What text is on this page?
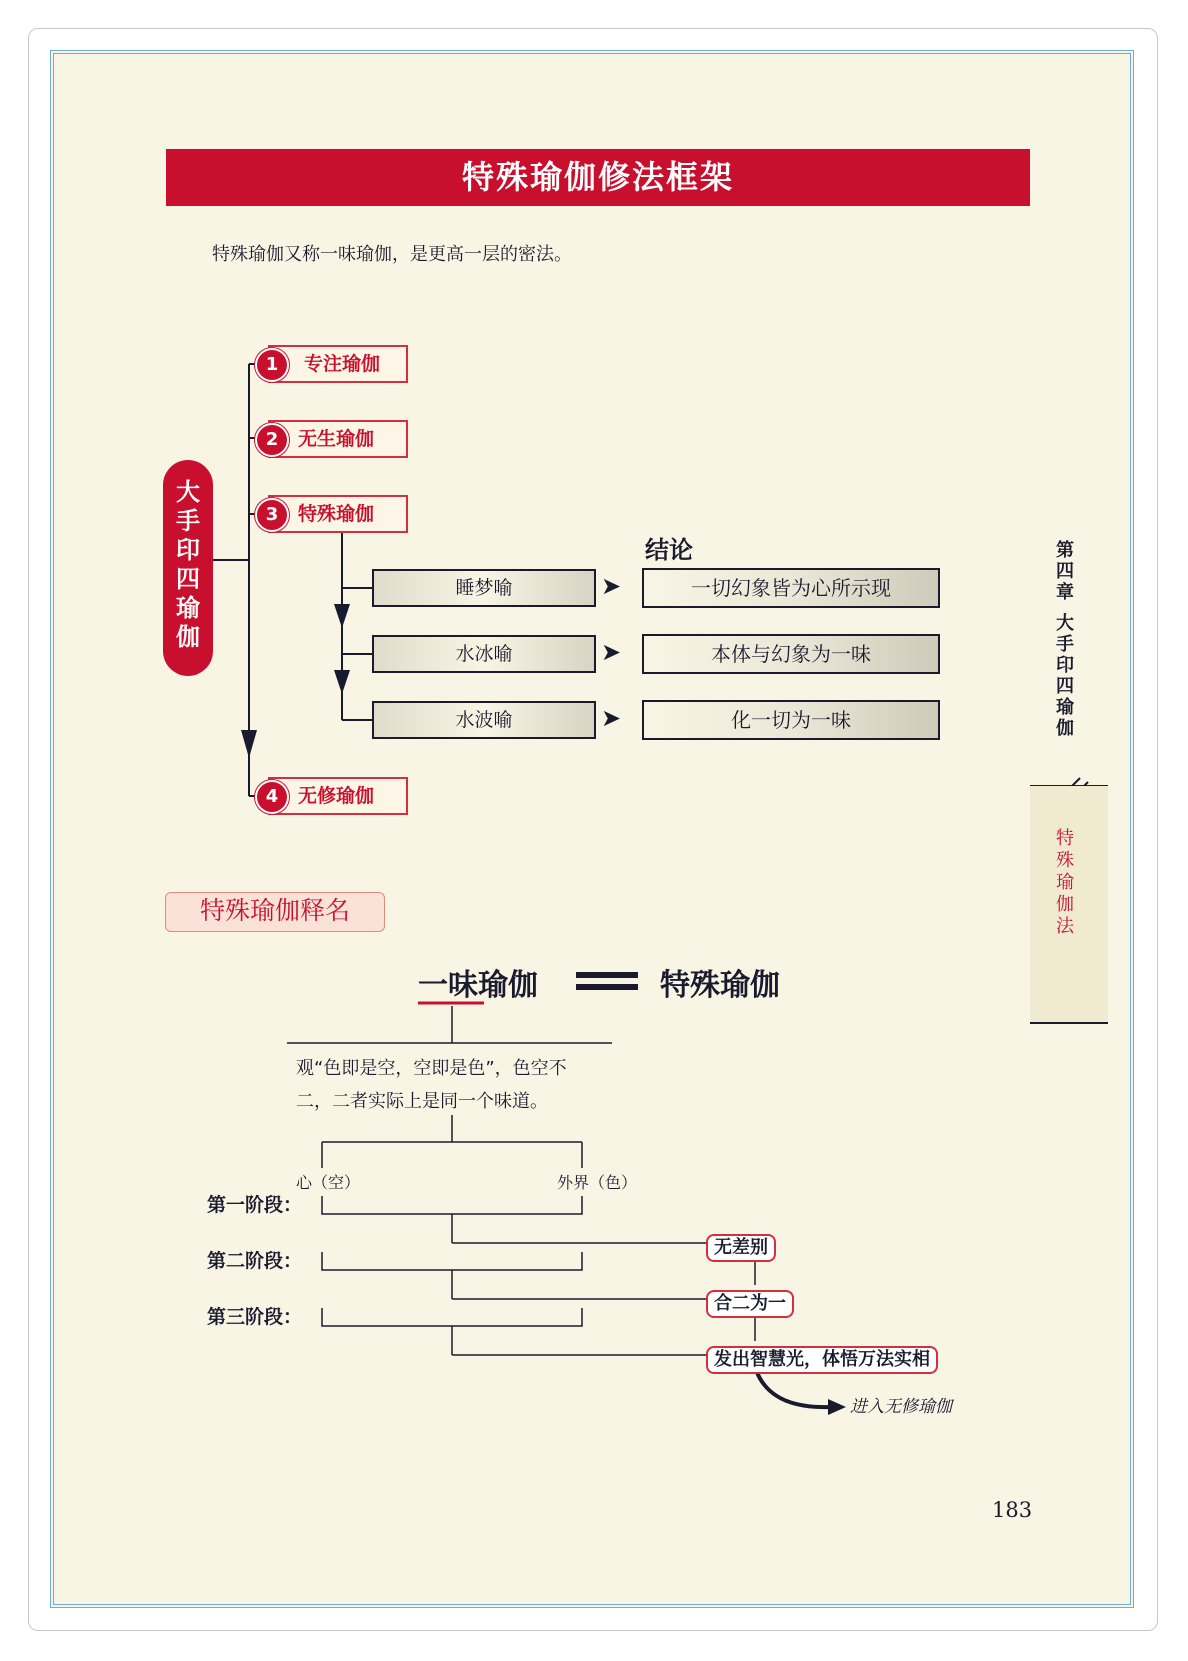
特殊瑜伽修法框架
特殊瑜伽又称一味瑜伽，是更高一层的密法。
大
手
印
四
瑜
伽
专注瑜伽
1
无生瑜伽
2
特殊瑜伽
3
无修瑜伽
4
结论
睡梦喻	➤	一切幻象皆为心所示现
水冰喻	➤	本体与幻象为一味
水波喻	➤	化一切为一味
第
四
章
大
手
印
四
瑜
伽
特
殊
瑜
伽
法
特殊瑜伽释名
一味瑜伽	特殊瑜伽
观“色即是空，空即是色”，色空不
二，二者实际上是同一个味道。
心（空）	外界（色）
第一阶段：
第二阶段：
第三阶段：
无差别
合二为一
发出智慧光，体悟万法实相
进入无修瑜伽
183
